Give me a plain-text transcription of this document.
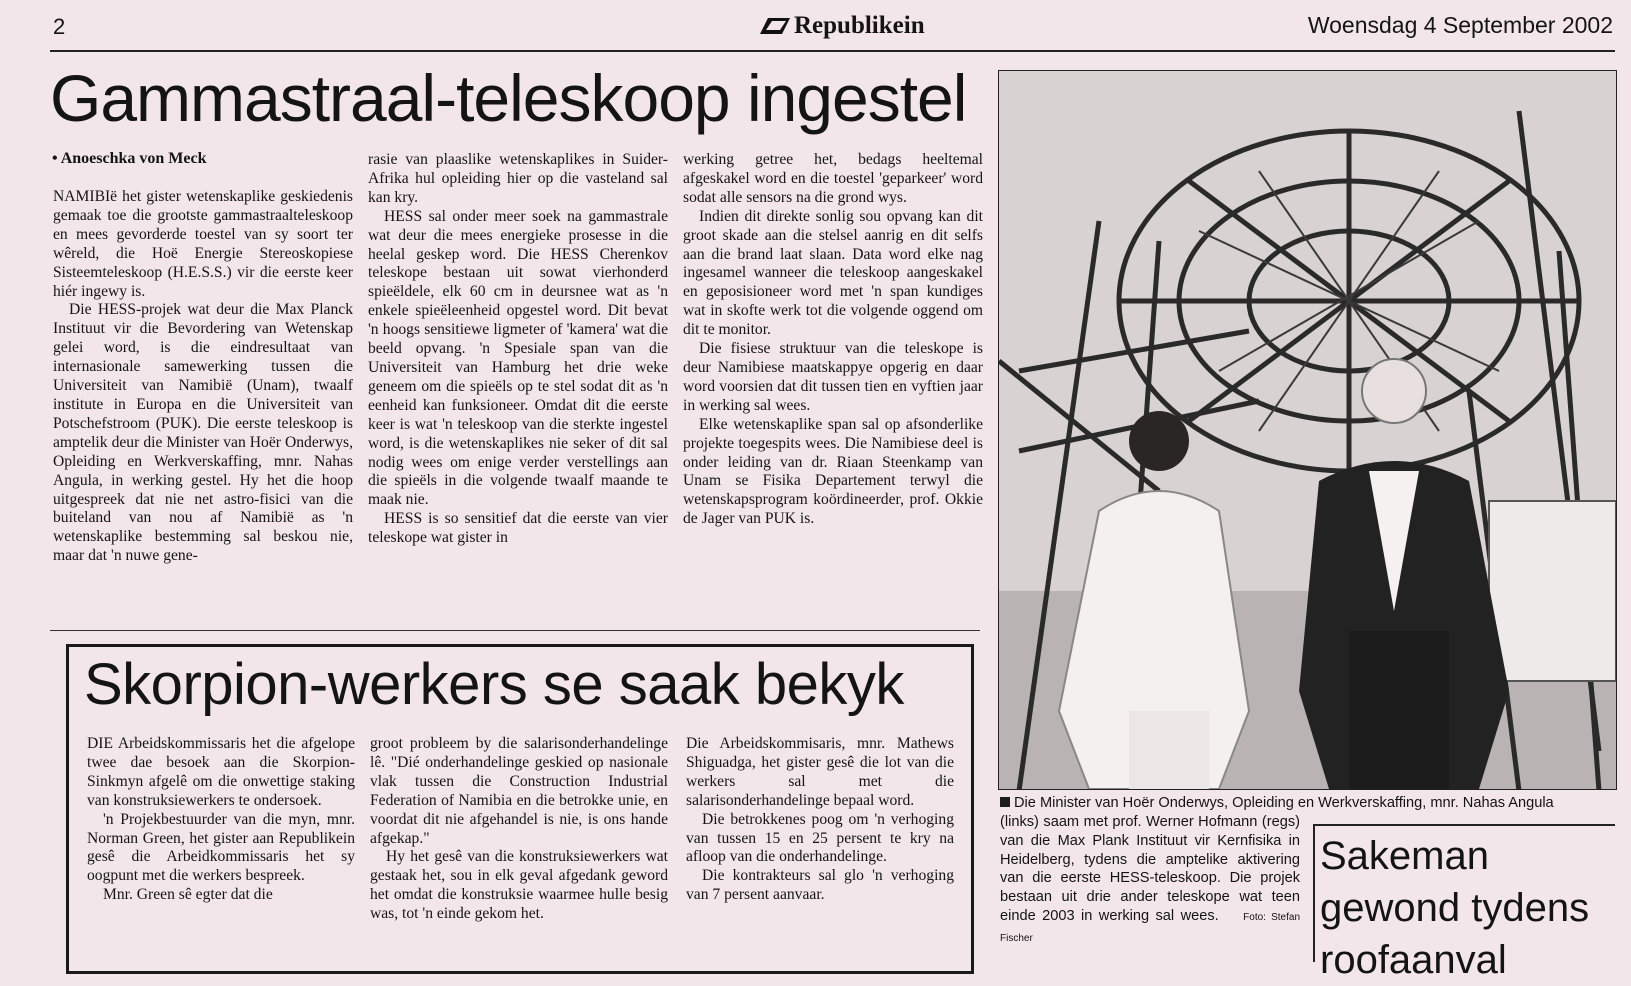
2	Republikein	Woensdag 4 September 2002
Gammastraal-teleskoop ingestel
• Anoeschka von Meck

NAMIBIë het gister wetenskaplike geskiedenis gemaak toe die grootste gammastraalteleskoop en mees gevorderde toestel van sy soort ter wêreld, die Hoë Energie Stereoskopiese Sisteemteleskoop (H.E.S.S.) vir die eerste keer hiér ingewy is.

Die HESS-projek wat deur die Max Planck Instituut vir die Bevordering van Wetenskap gelei word, is die eindresultaat van internasionale samewerking tussen die Universiteit van Namibië (Unam), twaalf institute in Europa en die Universiteit van Potschefstroom (PUK). Die eerste teleskoop is amptelik deur die Minister van Hoër Onderwys, Opleiding en Werkverskaffing, mnr. Nahas Angula, in werking gestel. Hy het die hoop uitgespreek dat nie net astro-fisici van die buiteland van nou af Namibië as 'n wetenskaplike bestemming sal beskou nie, maar dat 'n nuwe gene-

rasie van plaaslike wetenskaplikes in Suider-Afrika hul opleiding hier op die vasteland sal kan kry.

HESS sal onder meer soek na gammastrale wat deur die mees energieke prosesse in die heelal geskep word. Die HESS Cherenkov teleskope bestaan uit sowat vierhonderd spieëldele, elk 60 cm in deursnee wat as 'n enkele spieëleenheid opgestel word. Dit bevat 'n hoogs sensitiewe ligmeter of 'kamera' wat die beeld opvang. 'n Spesiale span van die Universiteit van Hamburg het drie weke geneem om die spieëls op te stel sodat dit as 'n eenheid kan funksioneer. Omdat dit die eerste keer is wat 'n teleskoop van die sterkte ingestel word, is die wetenskaplikes nie seker of dit sal nodig wees om enige verder verstellings aan die spieëls in die volgende twaalf maande te maak nie.

HESS is so sensitief dat die eerste van vier teleskope wat gister in

werking getree het, bedags heeltemal afgeskakel word en die toestel 'geparkeer' word sodat alle sensors na die grond wys.

Indien dit direkte sonlig sou opvang kan dit groot skade aan die stelsel aanrig en dit selfs aan die brand laat slaan. Data word elke nag ingesamel wanneer die teleskoop aangeskakel en geposisioneer word met 'n span kundiges wat in skofte werk tot die volgende oggend om dit te monitor.

Die fisiese struktuur van die teleskope is deur Namibiese maatskappye opgerig en daar word voorsien dat dit tussen tien en vyftien jaar in werking sal wees.

Elke wetenskaplike span sal op afsonderlike projekte toegespits wees. Die Namibiese deel is onder leiding van dr. Riaan Steenkamp van Unam se Fisika Departement terwyl die wetenskapsprogram koördineerder, prof. Okkie de Jager van PUK is.

Skorpion-werkers se saak bekyk

DIE Arbeidskommissaris het die afgelope twee dae besoek aan die Skorpion-Sinkmyn afgelê om die onwettige staking van konstruksiewerkers te ondersoek.

'n Projekbestuurder van die myn, mnr. Norman Green, het gister aan Republikein gesê die Arbeidkommissaris het sy oogpunt met die werkers bespreek.

Mnr. Green sê egter dat die

groot probleem by die salarisonderhandelinge lê. "Dié onderhandelinge geskied op nasionale vlak tussen die Construction Industrial Federation of Namibia en die betrokke unie, en voordat dit nie afgehandel is nie, is ons hande afgekap."

Hy het gesê van die konstruksiewerkers wat gestaak het, sou in elk geval afgedank geword het omdat die konstruksie waarmee hulle besig was, tot 'n einde gekom het.

Die Arbeidskommisaris, mnr. Mathews Shiguadga, het gister gesê die lot van die werkers sal met die salarisonderhandelinge bepaal word.

Die betrokkenes poog om 'n verhoging van tussen 15 en 25 persent te kry na afloop van die onderhandelinge.

Die kontrakteurs sal glo 'n verhoging van 7 persent aanvaar.

Die Minister van Hoër Onderwys, Opleiding en Werkverskaffing, mnr. Nahas Angula
(links) saam met prof. Werner Hofmann (regs) van die Max Plank Instituut vir Kernfisika in Heidelberg, tydens die amptelike aktivering van die eerste HESS-teleskoop. Die projek bestaan uit drie ander teleskope wat teen einde 2003 in werking sal wees. Foto: Stefan Fischer
Sakeman gewond tydens roofaanval
